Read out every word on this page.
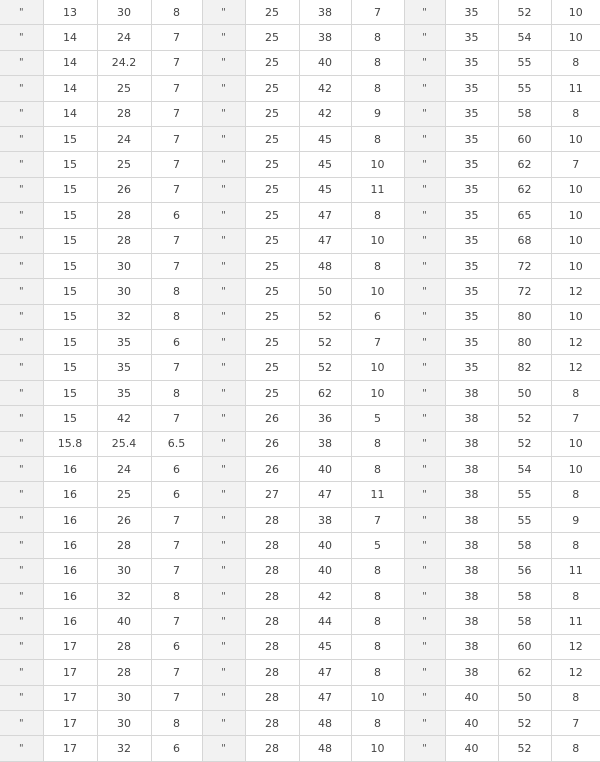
"	13	30	8	"	25	38	7	"	35	52	10
"	14	24	7	"	25	38	8	"	35	54	10
"	14	24.2	7	"	25	40	8	"	35	55	8
"	14	25	7	"	25	42	8	"	35	55	11
"	14	28	7	"	25	42	9	"	35	58	8
"	15	24	7	"	25	45	8	"	35	60	10
"	15	25	7	"	25	45	10	"	35	62	7
"	15	26	7	"	25	45	11	"	35	62	10
"	15	28	6	"	25	47	8	"	35	65	10
"	15	28	7	"	25	47	10	"	35	68	10
"	15	30	7	"	25	48	8	"	35	72	10
"	15	30	8	"	25	50	10	"	35	72	12
"	15	32	8	"	25	52	6	"	35	80	10
"	15	35	6	"	25	52	7	"	35	80	12
"	15	35	7	"	25	52	10	"	35	82	12
"	15	35	8	"	25	62	10	"	38	50	8
"	15	42	7	"	26	36	5	"	38	52	7
"	15.8	25.4	6.5	"	26	38	8	"	38	52	10
"	16	24	6	"	26	40	8	"	38	54	10
"	16	25	6	"	27	47	11	"	38	55	8
"	16	26	7	"	28	38	7	"	38	55	9
"	16	28	7	"	28	40	5	"	38	58	8
"	16	30	7	"	28	40	8	"	38	56	11
"	16	32	8	"	28	42	8	"	38	58	8
"	16	40	7	"	28	44	8	"	38	58	11
"	17	28	6	"	28	45	8	"	38	60	12
"	17	28	7	"	28	47	8	"	38	62	12
"	17	30	7	"	28	47	10	"	40	50	8
"	17	30	8	"	28	48	8	"	40	52	7
"	17	32	6	"	28	48	10	"	40	52	8
